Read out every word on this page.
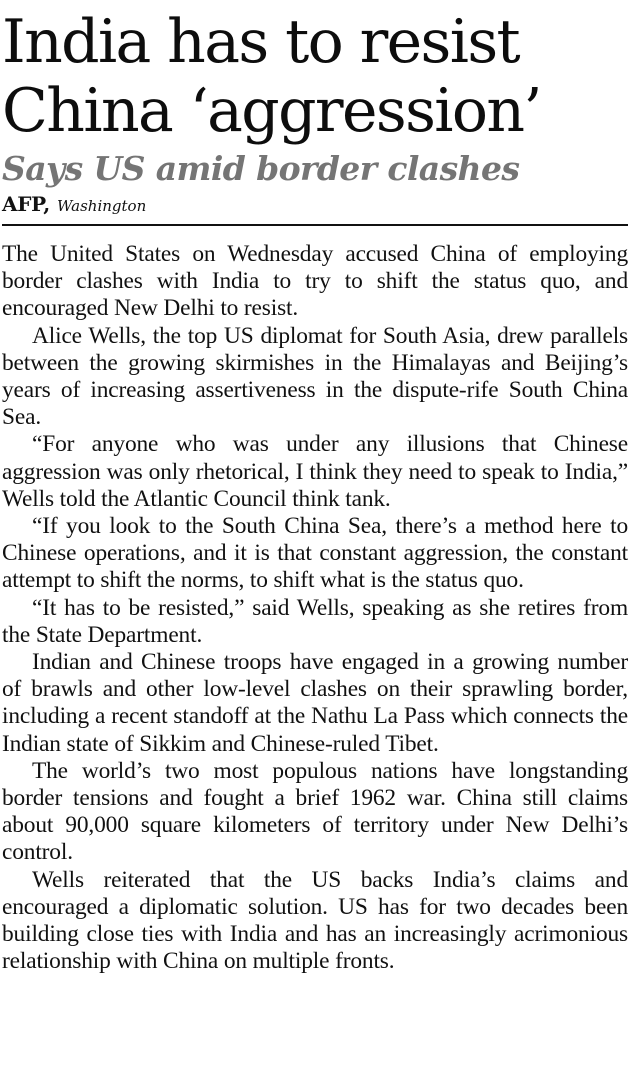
India has to resist
China ‘aggression’
Says US amid border clashes
AFP, Washington

The United States on Wednesday accused China of employing border clashes with India to try to shift the status quo, and encouraged New Delhi to resist.

Alice Wells, the top US diplomat for South Asia, drew parallels between the growing skirmishes in the Himalayas and Beijing’s years of increasing assertiveness in the dispute-rife South China Sea.

“For anyone who was under any illusions that Chinese aggression was only rhetorical, I think they need to speak to India,” Wells told the Atlantic Council think tank.

“If you look to the South China Sea, there’s a method here to Chinese operations, and it is that constant aggression, the constant attempt to shift the norms, to shift what is the status quo.

“It has to be resisted,” said Wells, speaking as she retires from the State Department.

Indian and Chinese troops have engaged in a growing number of brawls and other low-level clashes on their sprawling border, including a recent standoff at the Nathu La Pass which connects the Indian state of Sikkim and Chinese-ruled Tibet.

The world’s two most populous nations have longstanding border tensions and fought a brief 1962 war. China still claims about 90,000 square kilometers of territory under New Delhi’s control.

Wells reiterated that the US backs India’s claims and encouraged a diplomatic solution. US has for two decades been building close ties with India and has an increasingly acrimonious relationship with China on multiple fronts.
